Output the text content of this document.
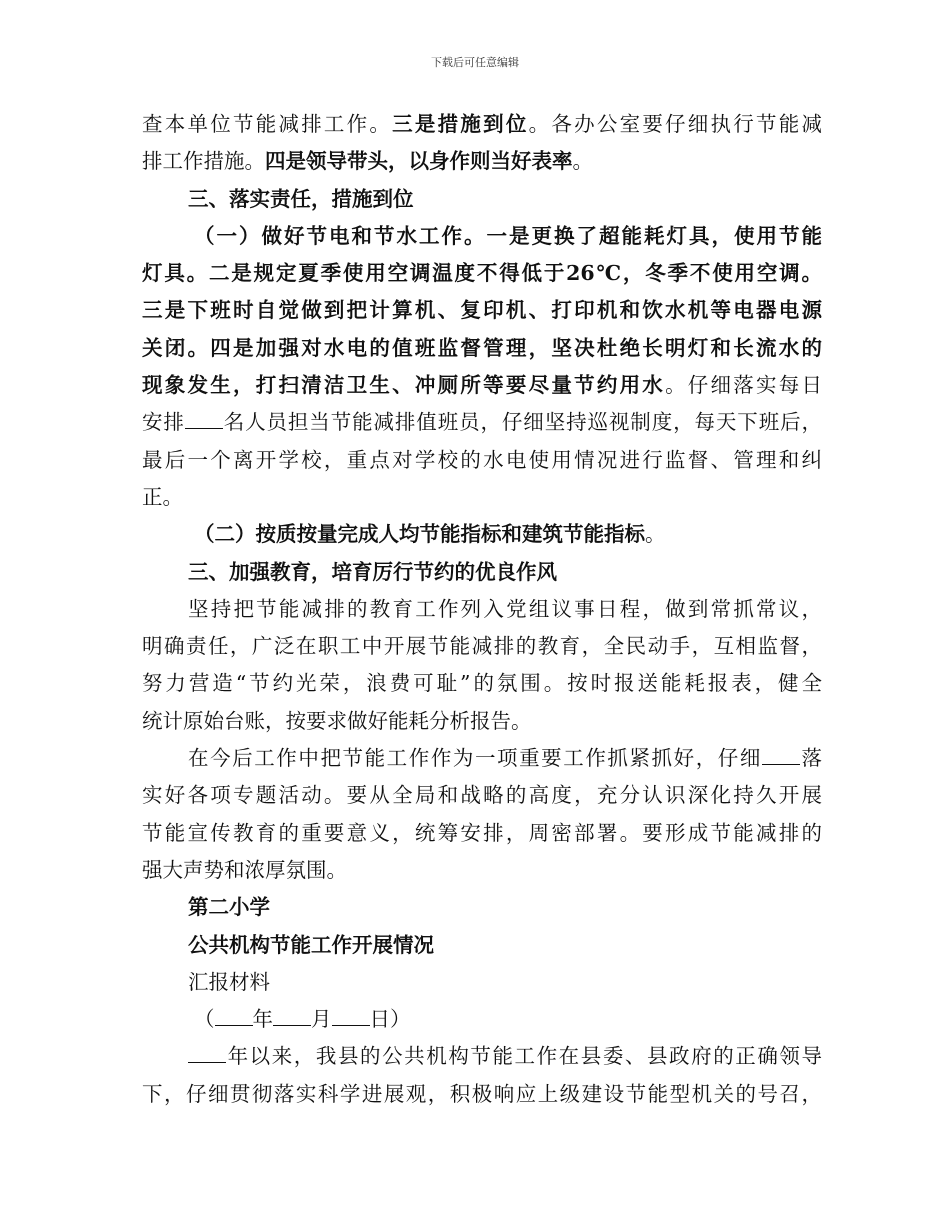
下载后可任意编辑
查本单位节能减排工作。三是措施到位。各办公室要仔细执行节能减
排工作措施。四是领导带头，以身作则当好表率。
三、落实责任，措施到位
（一）做好节电和节水工作。一是更换了超能耗灯具，使用节能
灯具。二是规定夏季使用空调温度不得低于26℃，冬季不使用空调。
三是下班时自觉做到把计算机、复印机、打印机和饮水机等电器电源
关闭。四是加强对水电的值班监督管理，坚决杜绝长明灯和长流水的
现象发生，打扫清洁卫生、冲厕所等要尽量节约用水。仔细落实每日
安排 名人员担当节能减排值班员，仔细坚持巡视制度，每天下班后，
最后一个离开学校，重点对学校的水电使用情况进行监督、管理和纠
正。
（二）按质按量完成人均节能指标和建筑节能指标。
三、加强教育，培育厉行节约的优良作风
坚持把节能减排的教育工作列入党组议事日程，做到常抓常议，
明确责任，广泛在职工中开展节能减排的教育，全民动手，互相监督，
努力营造“节约光荣，浪费可耻”的氛围。按时报送能耗报表，健全
统计原始台账，按要求做好能耗分析报告。
在今后工作中把节能工作作为一项重要工作抓紧抓好，仔细 落
实好各项专题活动。要从全局和战略的高度，充分认识深化持久开展
节能宣传教育的重要意义，统筹安排，周密部署。要形成节能减排的
强大声势和浓厚氛围。
第二小学
公共机构节能工作开展情况
汇报材料
（ 年 月 日）
年以来，我县的公共机构节能工作在县委、县政府的正确领导
下，仔细贯彻落实科学进展观，积极响应上级建设节能型机关的号召，
